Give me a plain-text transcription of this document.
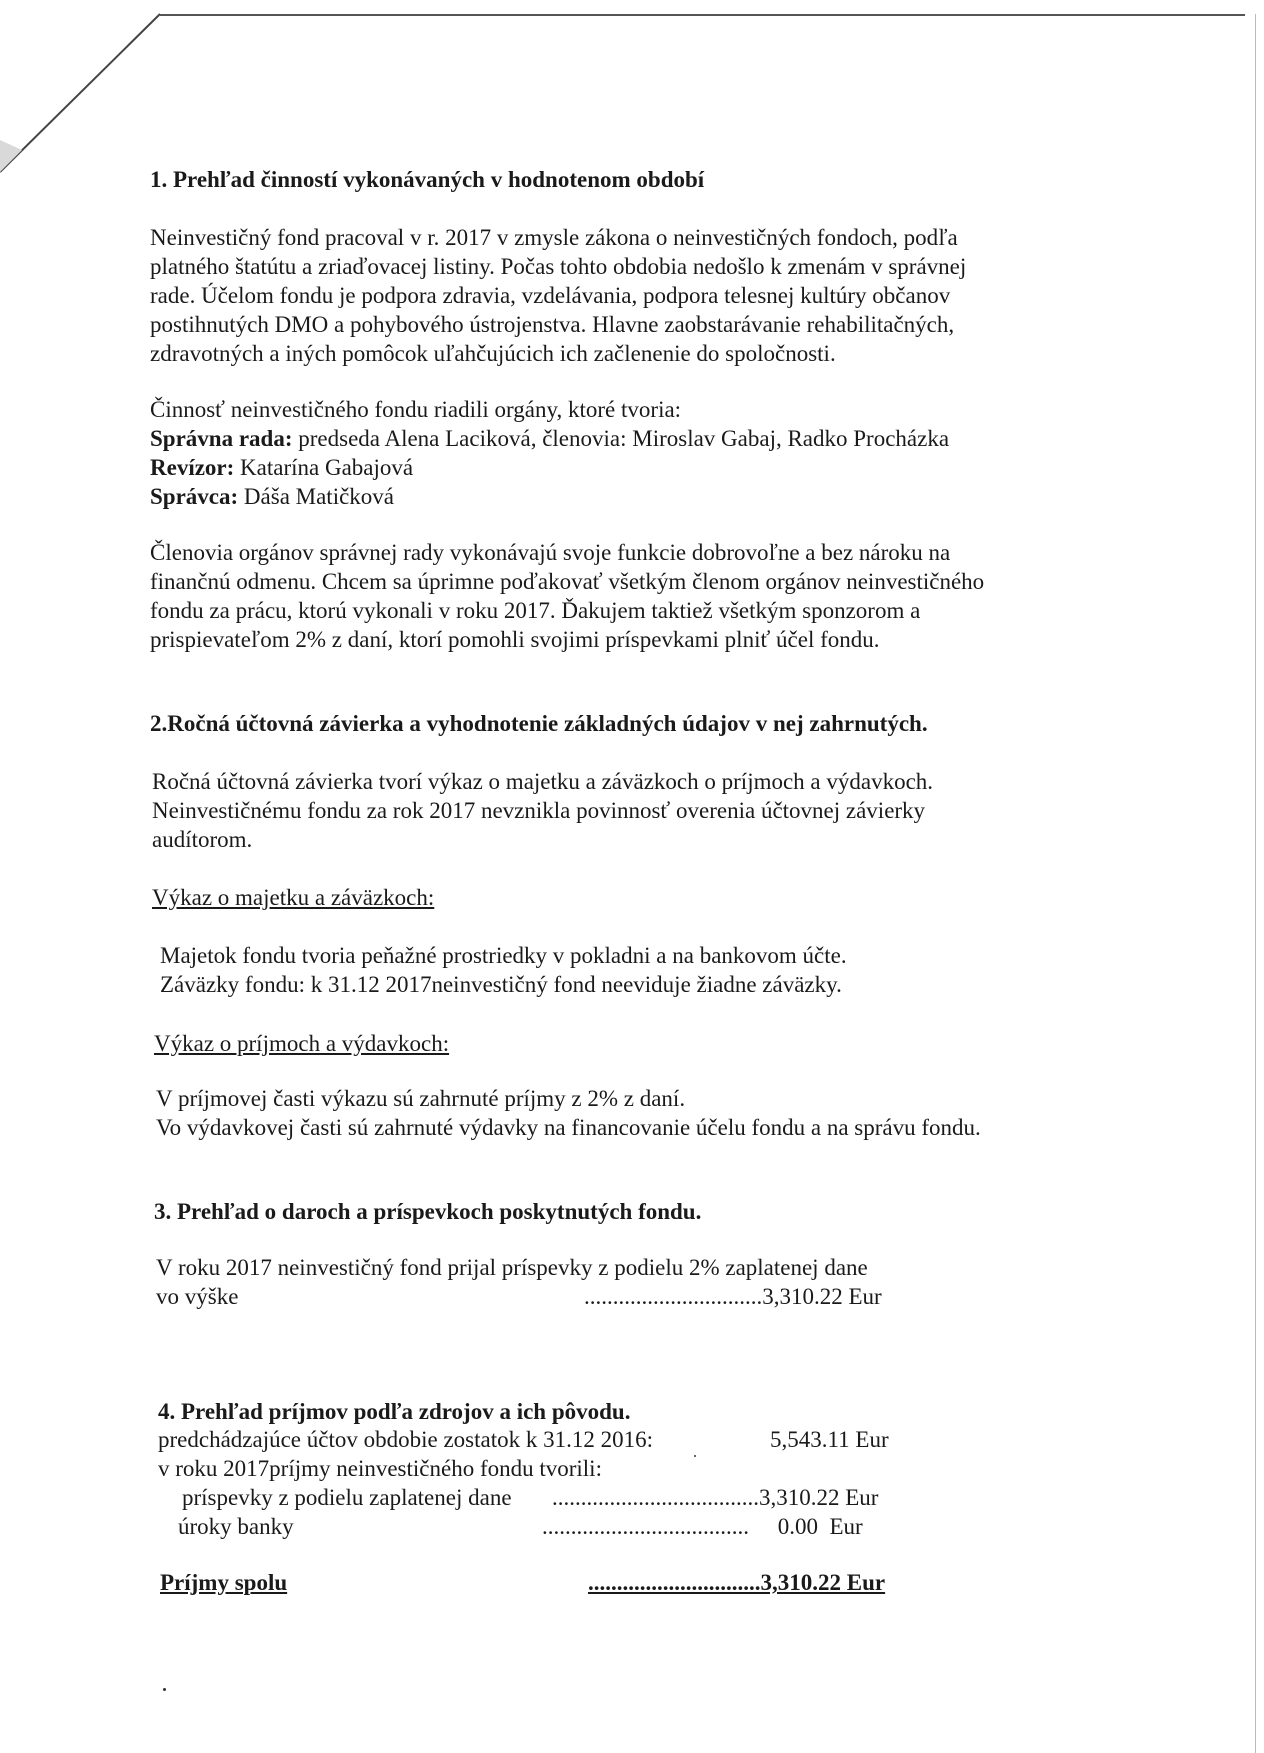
1. Prehľad činností vykonávaných v hodnotenom období

Neinvestičný fond pracoval v r. 2017 v zmysle zákona o neinvestičných fondoch, podľa

platného štatútu a zriaďovacej listiny. Počas tohto obdobia nedošlo k zmenám v správnej

rade. Účelom fondu je podpora zdravia, vzdelávania, podpora telesnej kultúry občanov

postihnutých DMO a pohybového ústrojenstva. Hlavne zaobstarávanie rehabilitačných,

zdravotných a iných pomôcok uľahčujúcich ich začlenenie do spoločnosti.

Činnosť neinvestičného fondu riadili orgány, ktoré tvoria:

Správna rada: predseda Alena Laciková, členovia: Miroslav Gabaj, Radko Procházka

Revízor: Katarína Gabajová

Správca: Dáša Matičková

Členovia orgánov správnej rady vykonávajú svoje funkcie dobrovoľne a bez nároku na

finančnú odmenu. Chcem sa úprimne poďakovať všetkým členom orgánov neinvestičného

fondu za prácu, ktorú vykonali v roku 2017. Ďakujem taktiež všetkým sponzorom a

prispievateľom 2% z daní, ktorí pomohli svojimi príspevkami plniť účel fondu.

2.Ročná účtovná závierka a vyhodnotenie základných údajov v nej zahrnutých.

Ročná účtovná závierka tvorí výkaz o majetku a záväzkoch o príjmoch a výdavkoch.

Neinvestičnému fondu za rok 2017 nevznikla povinnosť overenia účtovnej závierky

audítorom.

Výkaz o majetku a záväzkoch:

Majetok fondu tvoria peňažné prostriedky v pokladni a na bankovom účte.

Záväzky fondu: k 31.12 2017neinvestičný fond neeviduje žiadne záväzky.

Výkaz o príjmoch a výdavkoch:

V príjmovej časti výkazu sú zahrnuté príjmy z 2% z daní.

Vo výdavkovej časti sú zahrnuté výdavky na financovanie účelu fondu a na správu fondu.

3. Prehľad o daroch a príspevkoch poskytnutých fondu.

V roku 2017 neinvestičný fond prijal príspevky z podielu 2% zaplatenej dane

vo výške	...............................3,310.22 Eur

4. Prehľad príjmov podľa zdrojov a ich pôvodu.

predchádzajúce účtov obdobie zostatok k 31.12 2016:	5,543.11 Eur

v roku 2017príjmy neinvestičného fondu tvorili:

príspevky z podielu zaplatenej dane ....................................3,310.22 Eur

úroky banky	....................................     0.00  Eur

Príjmy spolu	..............................3,310.22 Eur
